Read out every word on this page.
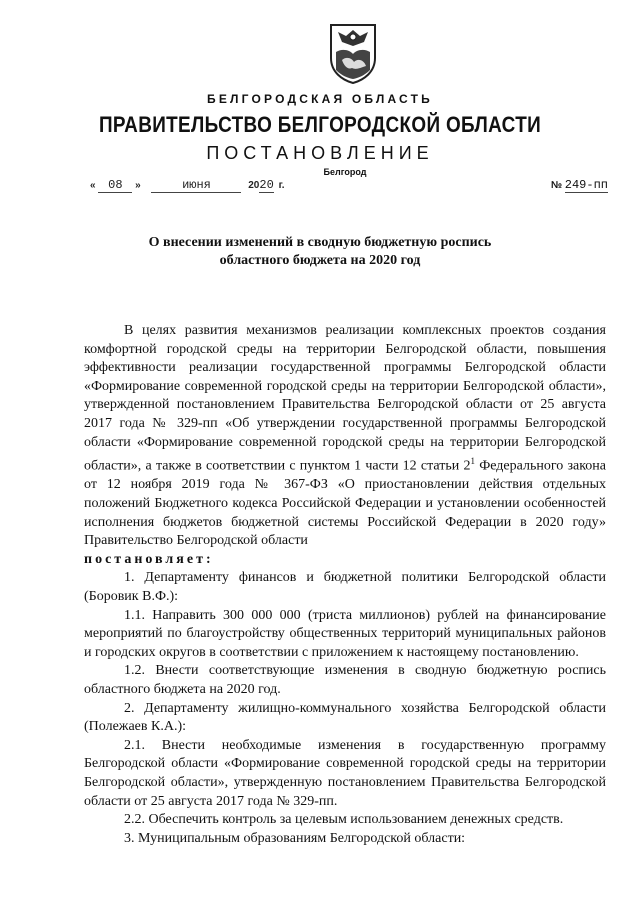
БЕЛГОРОДСКАЯ ОБЛАСТЬ
ПРАВИТЕЛЬСТВО БЕЛГОРОДСКОЙ ОБЛАСТИ
ПОСТАНОВЛЕНИЕ
Белгород
« 08 »	июня	2020 г.	№ 249-пп
О внесении изменений в сводную бюджетную роспись
областного бюджета на 2020 год

В целях развития механизмов реализации комплексных проектов создания комфортной городской среды на территории Белгородской области, повышения эффективности реализации государственной программы Белгородской области «Формирование современной городской среды на территории Белгородской области», утвержденной постановлением Правительства Белгородской области от 25 августа 2017 года № 329-пп «Об утверждении государственной программы Белгородской области «Формирование современной городской среды на территории Белгородской области», а также в соответствии с пунктом 1 части 12 статьи $2^1$ Федерального закона от 12 ноября 2019 года № 367-ФЗ «О приостановлении действия отдельных положений Бюджетного кодекса Российской Федерации и установлении особенностей исполнения бюджетов бюджетной системы Российской Федерации в 2020 году» Правительство Белгородской области

постановляет:

1. Департаменту финансов и бюджетной политики Белгородской области (Боровик В.Ф.):

1.1. Направить 300 000 000 (триста миллионов) рублей на финансирование мероприятий по благоустройству общественных территорий муниципальных районов и городских округов в соответствии с приложением к настоящему постановлению.

1.2. Внести соответствующие изменения в сводную бюджетную роспись областного бюджета на 2020 год.

2. Департаменту жилищно-коммунального хозяйства Белгородской области (Полежаев К.А.):

2.1. Внести необходимые изменения в государственную программу Белгородской области «Формирование современной городской среды на территории Белгородской области», утвержденную постановлением Правительства Белгородской области от 25 августа 2017 года № 329-пп.

2.2. Обеспечить контроль за целевым использованием денежных средств.

3. Муниципальным образованиям Белгородской области:
